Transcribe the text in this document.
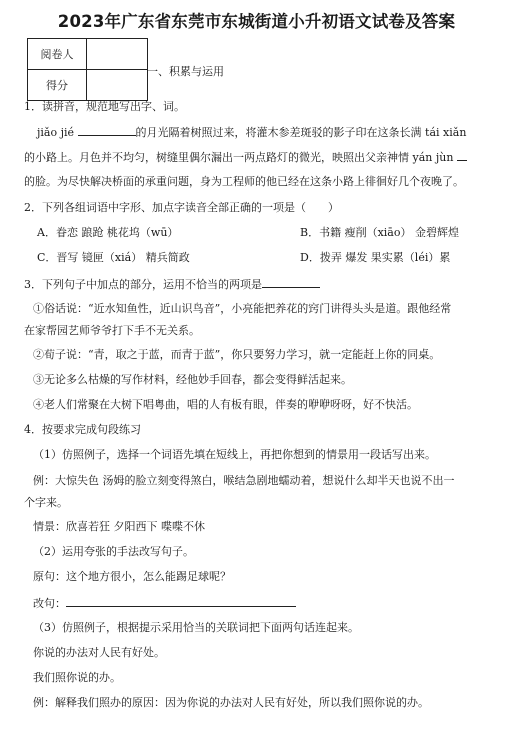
2023年广东省东莞市东城街道小升初语文试卷及答案
阅卷人	
得分	
一、积累与运用
1．读拼音，规范地写出字、词。
jiǎo jié	的月光隔着树照过来，将灌木参差斑驳的影子印在这条长满 tái xiǎn
的小路上。月色并不均匀，树缝里偶尔漏出一两点路灯的微光，映照出父亲神情 yán jùn
的脸。为尽快解决桥面的承重问题，身为工程师的他已经在这条小路上徘徊好几个夜晚了。
2．下列各组词语中字形、加点字读音全部正确的一项是（　　）
A．眷恋 踉跄 桃花坞（wū）	B．书籍 瘦削（xiāo） 金碧辉煌
C．晋写 镜匣（xiá） 精兵简政	D．拨弄 爆发 果实累（léi）累
3．下列句子中加点的部分，运用不恰当的两项是
①俗话说：“近水知鱼性，近山识鸟音”，小亮能把养花的窍门讲得头头是道。跟他经常
在家帮园艺师爷爷打下手不无关系。
②荀子说：“青，取之于蓝，而青于蓝”，你只要努力学习，就一定能赶上你的同桌。
③无论多么枯燥的写作材料，经他妙手回春，都会变得鲜活起来。
④老人们常聚在大树下唱粤曲，唱的人有板有眼，伴奏的咿咿呀呀，好不快活。
4．按要求完成句段练习
（1）仿照例子，选择一个词语先填在短线上，再把你想到的情景用一段话写出来。
例：大惊失色 汤姆的脸立刻变得煞白，喉结急剧地蠕动着，想说什么却半天也说不出一
个字来。
情景：欣喜若狂 夕阳西下 喋喋不休
（2）运用夸张的手法改写句子。
原句：这个地方很小，怎么能踢足球呢？
改句：
（3）仿照例子，根据提示采用恰当的关联词把下面两句话连起来。
你说的办法对人民有好处。
我们照你说的办。
例：解释我们照办的原因：因为你说的办法对人民有好处，所以我们照你说的办。
